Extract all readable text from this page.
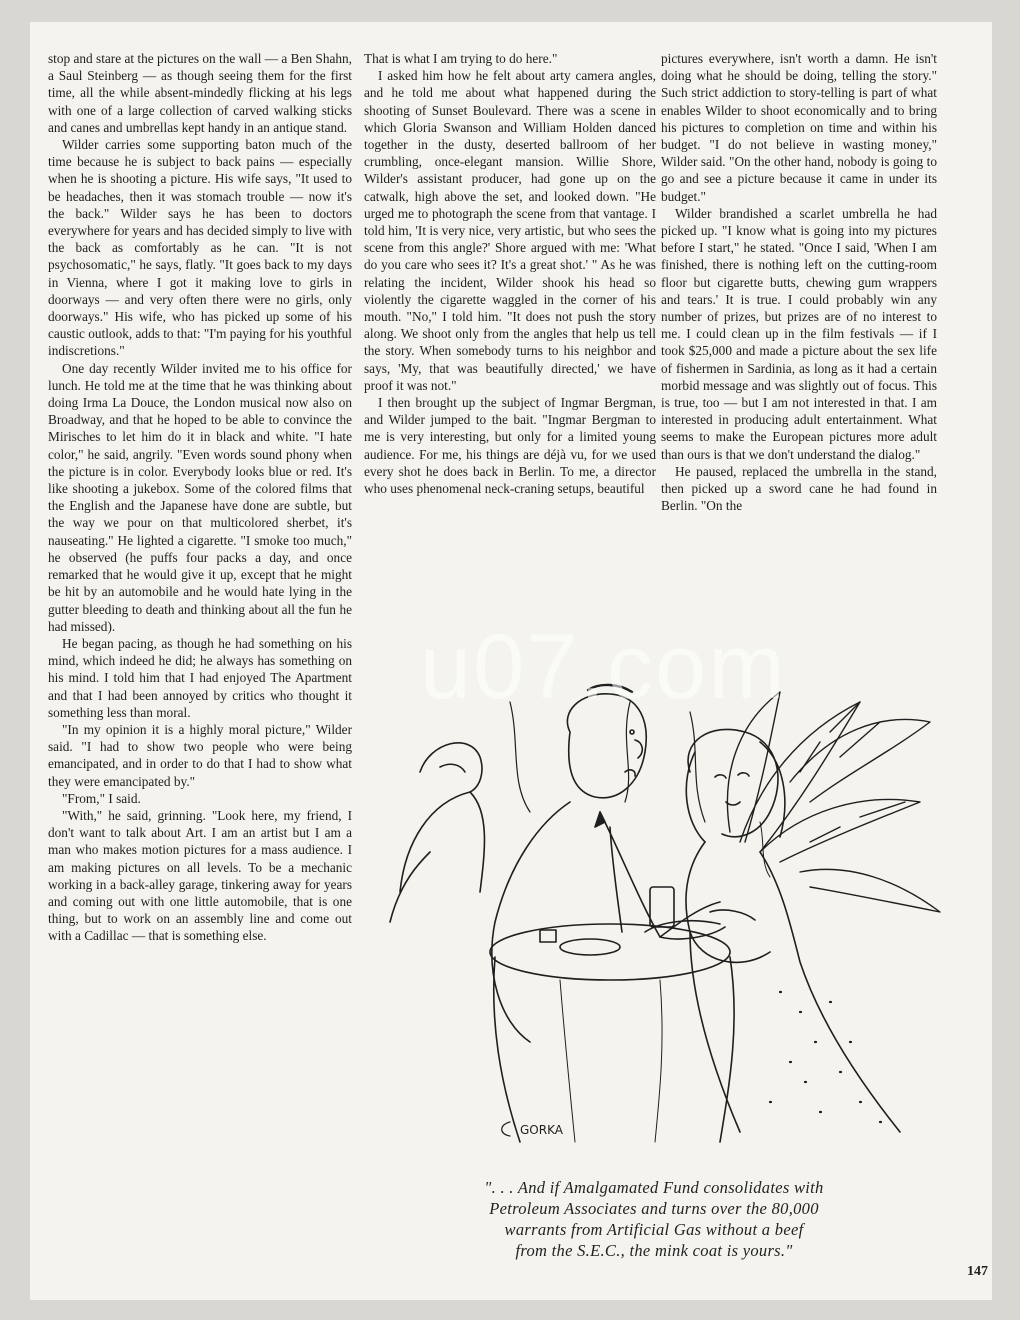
stop and stare at the pictures on the wall — a Ben Shahn, a Saul Steinberg — as though seeing them for the first time, all the while absent-mindedly flicking at his legs with one of a large collection of carved walking sticks and canes and umbrellas kept handy in an antique stand.

Wilder carries some supporting baton much of the time because he is subject to back pains — especially when he is shooting a picture. His wife says, "It used to be headaches, then it was stomach trouble — now it's the back." Wilder says he has been to doctors everywhere for years and has decided simply to live with the back as comfortably as he can. "It is not psychosomatic," he says, flatly. "It goes back to my days in Vienna, where I got it making love to girls in doorways — and very often there were no girls, only doorways." His wife, who has picked up some of his caustic outlook, adds to that: "I'm paying for his youthful indiscretions."

One day recently Wilder invited me to his office for lunch. He told me at the time that he was thinking about doing Irma La Douce, the London musical now also on Broadway, and that he hoped to be able to convince the Mirisches to let him do it in black and white. "I hate color," he said, angrily. "Even words sound phony when the picture is in color. Everybody looks blue or red. It's like shooting a jukebox. Some of the colored films that the English and the Japanese have done are subtle, but the way we pour on that multicolored sherbet, it's nauseating." He lighted a cigarette. "I smoke too much," he observed (he puffs four packs a day, and once remarked that he would give it up, except that he might be hit by an automobile and he would hate lying in the gutter bleeding to death and thinking about all the fun he had missed).

He began pacing, as though he had something on his mind, which indeed he did; he always has something on his mind. I told him that I had enjoyed The Apartment and that I had been annoyed by critics who thought it something less than moral.

"In my opinion it is a highly moral picture," Wilder said. "I had to show two people who were being emancipated, and in order to do that I had to show what they were emancipated by."

"From," I said.

"With," he said, grinning. "Look here, my friend, I don't want to talk about Art. I am an artist but I am a man who makes motion pictures for a mass audience. I am making pictures on all levels. To be a mechanic working in a back-alley garage, tinkering away for years and coming out with one little automobile, that is one thing, but to work on an assembly line and come out with a Cadillac — that is something else.

That is what I am trying to do here."

I asked him how he felt about arty camera angles, and he told me about what happened during the shooting of Sunset Boulevard. There was a scene in which Gloria Swanson and William Holden danced together in the dusty, deserted ballroom of her crumbling, once-elegant mansion. Willie Shore, Wilder's assistant producer, had gone up on the catwalk, high above the set, and looked down. "He urged me to photograph the scene from that vantage. I told him, 'It is very nice, very artistic, but who sees the scene from this angle?' Shore argued with me: 'What do you care who sees it? It's a great shot.' " As he was relating the incident, Wilder shook his head so violently the cigarette waggled in the corner of his mouth. "No," I told him. "It does not push the story along. We shoot only from the angles that help us tell the story. When somebody turns to his neighbor and says, 'My, that was beautifully directed,' we have proof it was not."

I then brought up the subject of Ingmar Bergman, and Wilder jumped to the bait. "Ingmar Bergman to me is very interesting, but only for a limited young audience. For me, his things are déjà vu, for we used every shot he does back in Berlin. To me, a director who uses phenomenal neck-craning setups, beautiful

pictures everywhere, isn't worth a damn. He isn't doing what he should be doing, telling the story." Such strict addiction to story-telling is part of what enables Wilder to shoot economically and to bring his pictures to completion on time and within his budget. "I do not believe in wasting money," Wilder said. "On the other hand, nobody is going to go and see a picture because it came in under its budget."

Wilder brandished a scarlet umbrella he had picked up. "I know what is going into my pictures before I start," he stated. "Once I said, 'When I am finished, there is nothing left on the cutting-room floor but cigarette butts, chewing gum wrappers and tears.' It is true. I could probably win any number of prizes, but prizes are of no interest to me. I could clean up in the film festivals — if I took $25,000 and made a picture about the sex life of fishermen in Sardinia, as long as it had a certain morbid message and was slightly out of focus. This is true, too — but I am not interested in that. I am interested in producing adult entertainment. What seems to make the European pictures more adult than ours is that we don't understand the dialog."

He paused, replaced the umbrella in the stand, then picked up a sword cane he had found in Berlin. "On the

GORKA
". . . And if Amalgamated Fund consolidates with
Petroleum Associates and turns over the 80,000
warrants from Artificial Gas without a beef
from the S.E.C., the mink coat is yours."
147
u07.com
